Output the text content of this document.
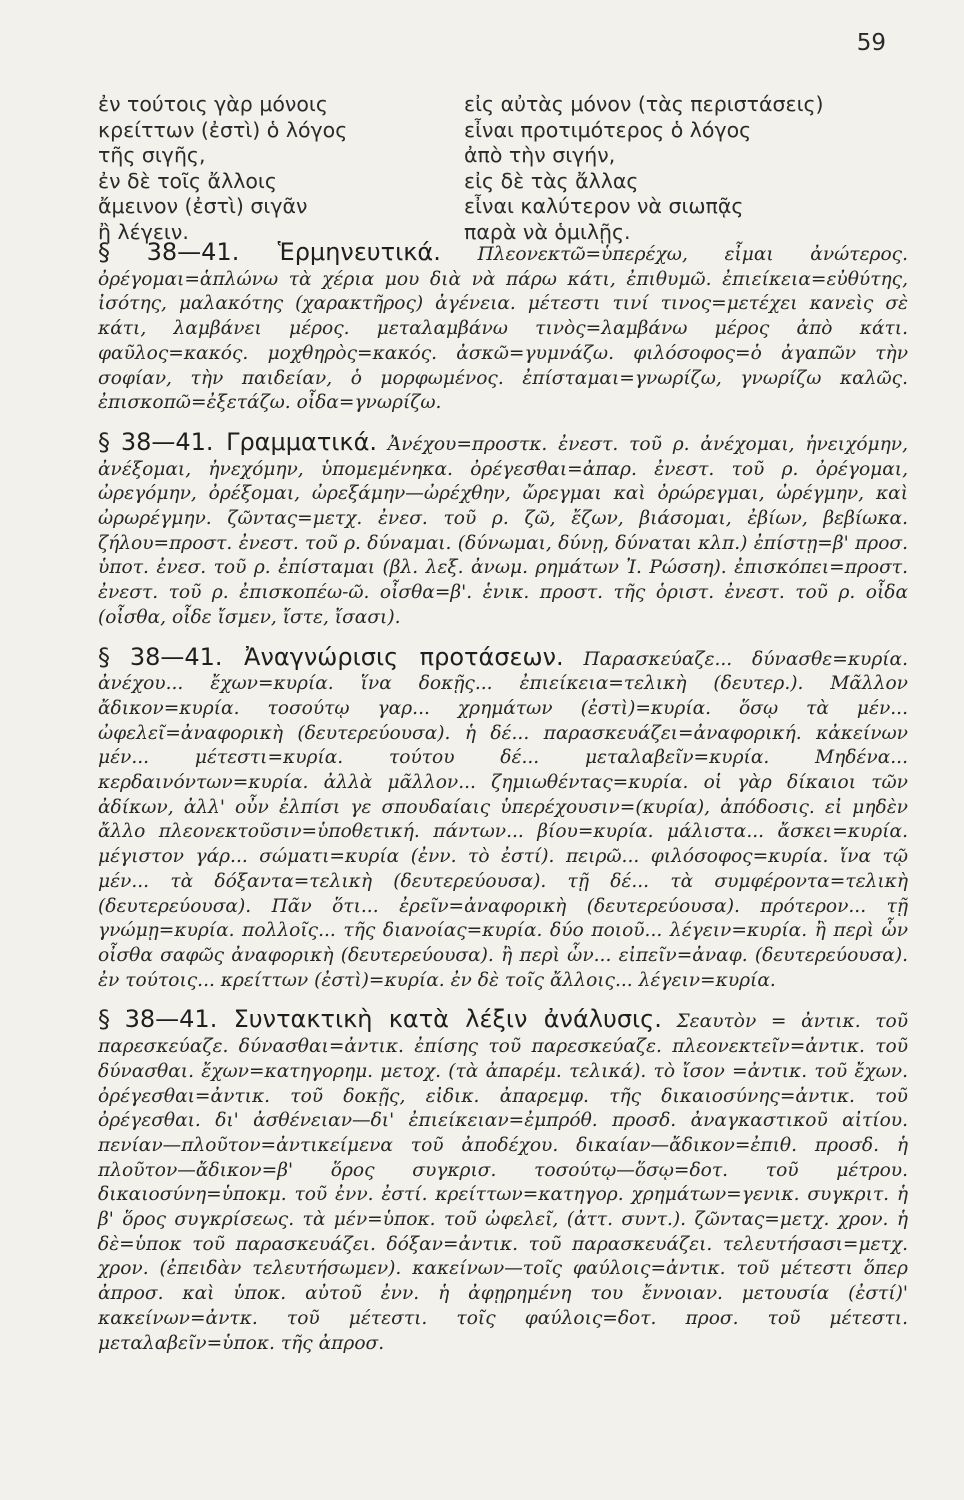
59
ἐν τούτοις γὰρ μόνοις
κρείττων (ἐστὶ) ὁ λόγος
τῆς σιγῆς,
ἐν δὲ τοῖς ἄλλοις
ἄμεινον (ἐστὶ) σιγᾶν
ἢ λέγειν.
εἰς αὐτὰς μόνον (τὰς περιστάσεις)
εἶναι προτιμότερος ὁ λόγος
ἀπὸ τὴν σιγήν,
εἰς δὲ τὰς ἄλλας
εἶναι καλύτερον νὰ σιωπᾷς
παρὰ νὰ ὁμιλῇς.

§ 38—41. Ἑρμηνευτικά. Πλεονεκτῶ=ὑπερέχω, εἶμαι ἀνώτερος. ὀρέγομαι=ἁπλώνω τὰ χέρια μου διὰ νὰ πάρω κάτι, ἐπιθυμῶ. ἐπιείκεια=εὐθύτης, ἰσότης, μαλακότης (χαρακτῆρος) ἀγένεια. μέτεστι τινί τινος=μετέχει κανεὶς σὲ κάτι, λαμβάνει μέρος. μεταλαμβάνω τινὸς=λαμβάνω μέρος ἀπὸ κάτι. φαῦλος=κακός. μοχθηρὸς=κακός. ἀσκῶ=γυμνάζω. φιλόσοφος=ὁ ἀγαπῶν τὴν σοφίαν, τὴν παιδείαν, ὁ μορφωμένος. ἐπίσταμαι=γνωρίζω, γνωρίζω καλῶς. ἐπισκοπῶ=ἐξετάζω. οἶδα=γνωρίζω.

§ 38—41. Γραμματικά. Ἀνέχου=προστκ. ἐνεστ. τοῦ ρ. ἀνέχομαι, ἠνειχόμην, ἀνέξομαι, ἠνεχόμην, ὑπομεμένηκα. ὀρέγεσθαι=ἀπαρ. ἐνεστ. τοῦ ρ. ὀρέγομαι, ὠρεγόμην, ὀρέξομαι, ὠρεξάμην—ὠρέχθην, ὤρεγμαι καὶ ὀρώρεγμαι, ὠρέγμην, καὶ ὠρωρέγμην. ζῶντας=μετχ. ἐνεσ. τοῦ ρ. ζῶ, ἔζων, βιάσομαι, ἐβίων, βεβίωκα. ζήλου=προστ. ἐνεστ. τοῦ ρ. δύναμαι. (δύνωμαι, δύνῃ, δύναται κλπ.) ἐπίστῃ=β' προσ. ὑποτ. ἐνεσ. τοῦ ρ. ἐπίσταμαι (βλ. λεξ. ἀνωμ. ρημάτων Ἰ. Ρώσση). ἐπισκόπει=προστ. ἐνεστ. τοῦ ρ. ἐπισκοπέω-ῶ. οἶσθα=β'. ἑνικ. προστ. τῆς ὁριστ. ἐνεστ. τοῦ ρ. οἶδα (οἶσθα, οἶδε ἴσμεν, ἴστε, ἴσασι).

§ 38—41. Ἀναγνώρισις προτάσεων. Παρασκεύαζε... δύνασθε=κυρία. ἀνέχου... ἔχων=κυρία. ἵνα δοκῇς... ἐπιείκεια=τελικὴ (δευτερ.). Μᾶλλον ἄδικον=κυρία. τοσούτῳ γαρ... χρημάτων (ἐστὶ)=κυρία. ὅσῳ τὰ μέν... ὠφελεῖ=ἀναφορικὴ (δευτερεύουσα). ἡ δέ... παρασκευάζει=ἀναφορική. κἀκείνων μέν... μέτεστι=κυρία. τούτου δέ... μεταλαβεῖν=κυρία. Μηδένα... κερδαινόντων=κυρία. ἀλλὰ μᾶλλον... ζημιωθέντας=κυρία. οἱ γὰρ δίκαιοι τῶν ἀδίκων, ἀλλ' οὖν ἐλπίσι γε σπουδαίαις ὑπερέχουσιν=(κυρία), ἀπόδοσις. εἰ μηδὲν ἄλλο πλεονεκτοῦσιν=ὑποθετική. πάντων... βίου=κυρία. μάλιστα... ἄσκει=κυρία. μέγιστον γάρ... σώματι=κυρία (ἐνν. τὸ ἐστί). πειρῶ... φιλόσοφος=κυρία. ἵνα τῷ μέν... τὰ δόξαντα=τελικὴ (δευτερεύουσα). τῇ δέ... τὰ συμφέροντα=τελικὴ (δευτερεύουσα). Πᾶν ὅτι... ἐρεῖν=ἀναφορικὴ (δευτερεύουσα). πρότερον... τῇ γνώμῃ=κυρία. πολλοῖς... τῆς διανοίας=κυρία. δύο ποιοῦ... λέγειν=κυρία. ἢ περὶ ὧν οἶσθα σαφῶς ἀναφορικὴ (δευτερεύουσα). ἢ περὶ ὧν... εἰπεῖν=ἀναφ. (δευτερεύουσα). ἐν τούτοις... κρείττων (ἐστὶ)=κυρία. ἐν δὲ τοῖς ἄλλοις... λέγειν=κυρία.

§ 38—41. Συντακτικὴ κατὰ λέξιν ἀνάλυσις. Σεαυτὸν = ἀντικ. τοῦ παρεσκεύαζε. δύνασθαι=ἀντικ. ἐπίσης τοῦ παρεσκεύαζε. πλεονεκτεῖν=ἀντικ. τοῦ δύνασθαι. ἔχων=κατηγορημ. μετοχ. (τὰ ἀπαρέμ. τελικά). τὸ ἴσον =ἀντικ. τοῦ ἔχων. ὀρέγεσθαι=ἀντικ. τοῦ δοκῇς, εἰδικ. ἀπαρεμφ. τῆς δικαιοσύνης=ἀντικ. τοῦ ὀρέγεσθαι. δι' ἀσθένειαν—δι' ἐπιείκειαν=ἐμπρόθ. προσδ. ἀναγκαστικοῦ αἰτίου. πενίαν—πλοῦτον=ἀντικείμενα τοῦ ἀποδέχου. δικαίαν—ἄδικον=ἐπιθ. προσδ. ἡ πλοῦτον—ἄδικον=β' ὅρος συγκρισ. τοσούτῳ—ὅσῳ=δοτ. τοῦ μέτρου. δικαιοσύνη=ὑποκμ. τοῦ ἐνν. ἐστί. κρείττων=κατηγορ. χρημάτων=γενικ. συγκριτ. ἡ β' ὅρος συγκρίσεως. τὰ μέν=ὑποκ. τοῦ ὠφελεῖ, (ἀττ. συντ.). ζῶντας=μετχ. χρον. ἡ δὲ=ὑποκ τοῦ παρασκευάζει. δόξαν=ἀντικ. τοῦ παρασκευάζει. τελευτήσασι=μετχ. χρον. (ἐπειδὰν τελευτήσωμεν). κακείνων—τοῖς φαύλοις=ἀντικ. τοῦ μέτεστι ὅπερ ἀπροσ. καὶ ὑποκ. αὐτοῦ ἐνν. ἡ ἀφῃρημένη του ἔννοιαν. μετουσία (ἐστί)' κακείνων=ἀντκ. τοῦ μέτεστι. τοῖς φαύλοις=δοτ. προσ. τοῦ μέτεστι. μεταλαβεῖν=ὑποκ. τῆς ἀπροσ.
